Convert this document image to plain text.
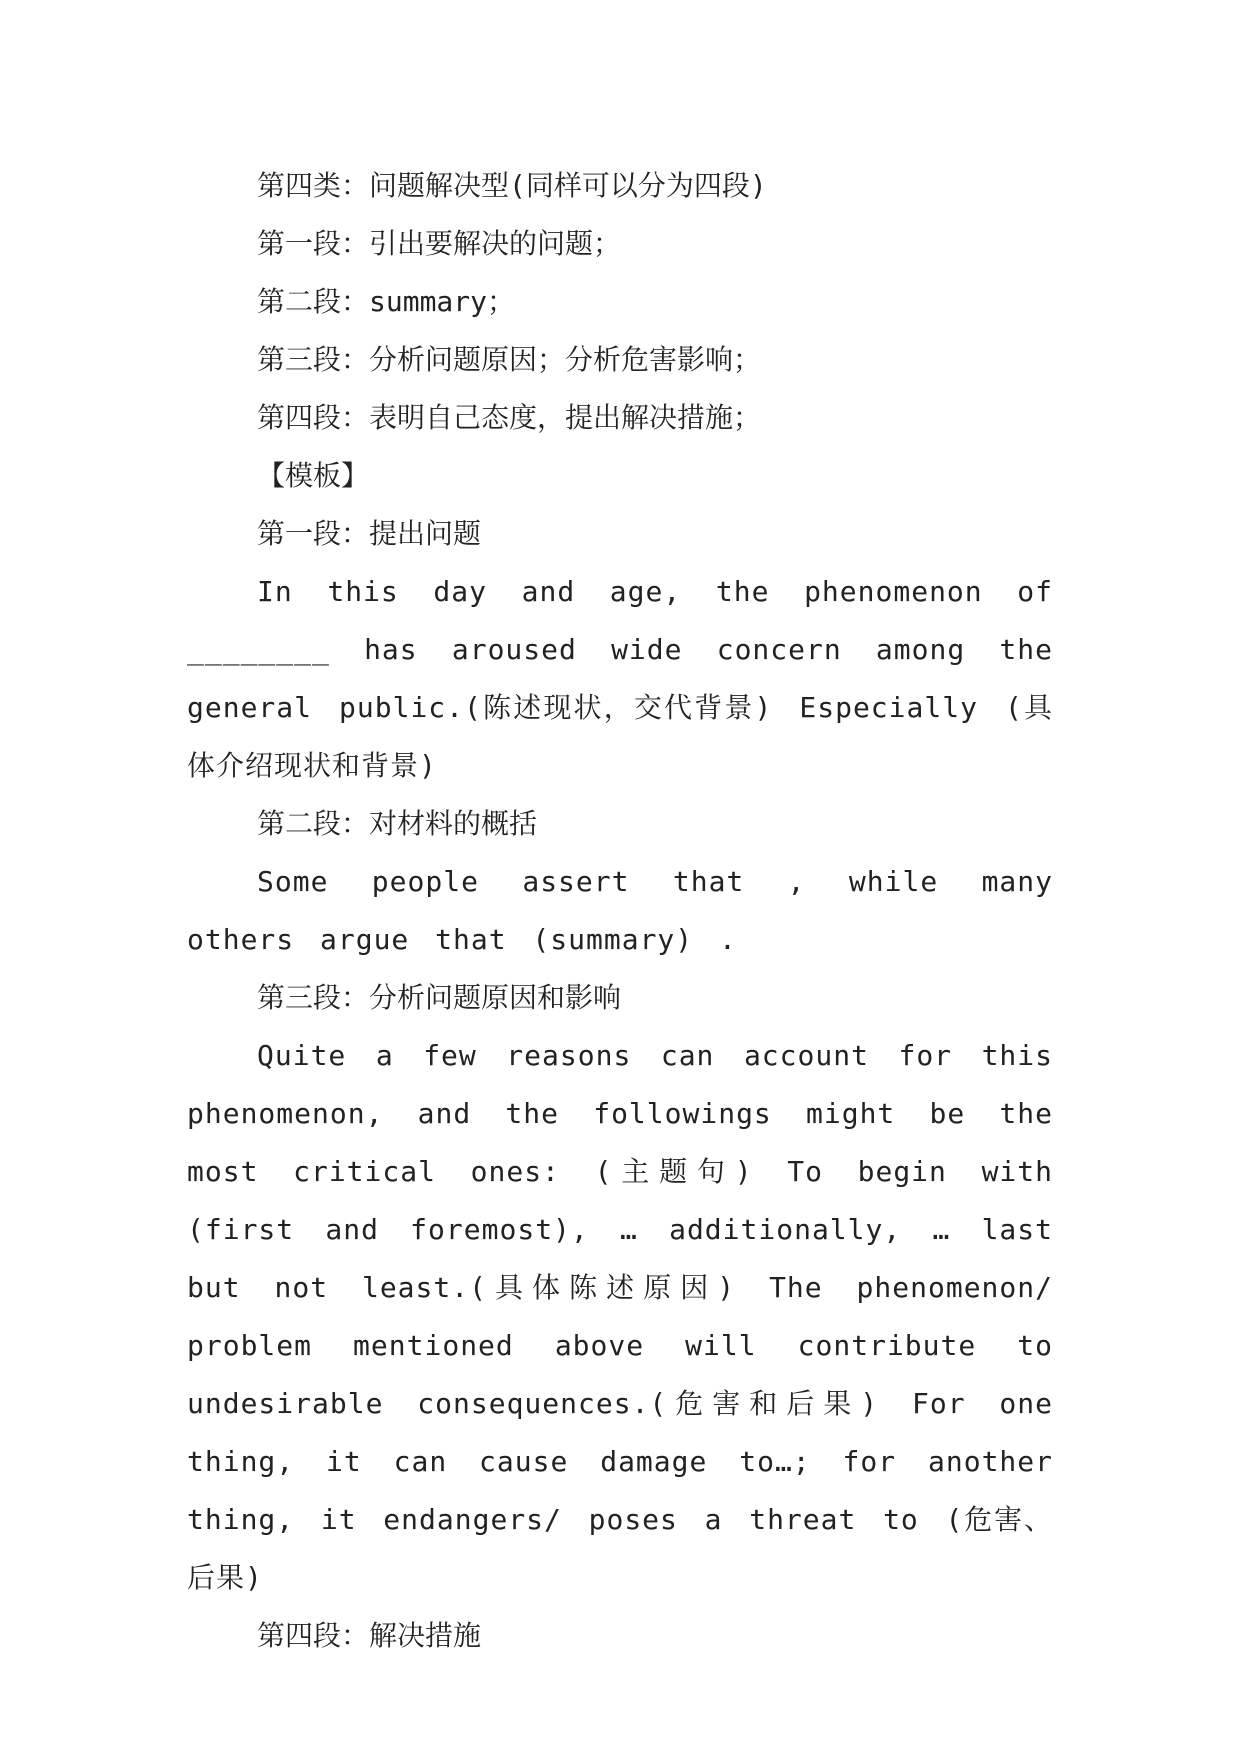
第四类：问题解决型(同样可以分为四段)

第一段：引出要解决的问题；

第二段：summary；

第三段：分析问题原因；分析危害影响；

第四段：表明自己态度，提出解决措施；

【模板】

第一段：提出问题

In this day and age, the phenomenon of ________ has aroused wide concern among the general public.(陈述现状，交代背景) Especially (具体介绍现状和背景)

第二段：对材料的概括

Some people assert that , while many others argue that (summary) .

第三段：分析问题原因和影响

Quite a few reasons can account for this phenomenon, and the followings might be the most critical ones: (主题句) To begin with (first and foremost), … additionally, … last but not least.(具体陈述原因) The phenomenon/ problem mentioned above will contribute to undesirable consequences.(危害和后果) For one thing, it can cause damage to…; for another thing, it endangers/ poses a threat to (危害、后果)

第四段：解决措施
